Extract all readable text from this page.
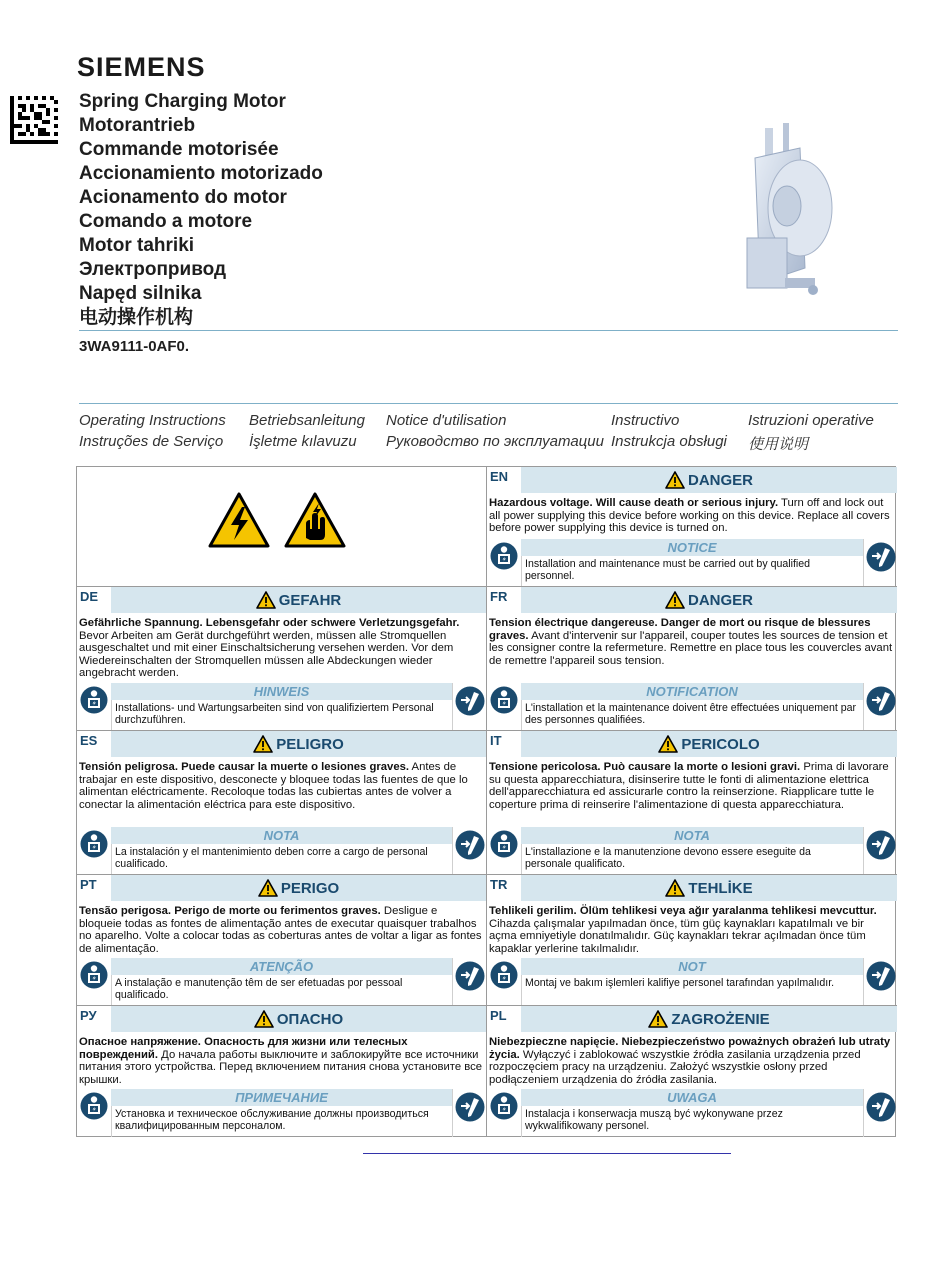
SIEMENS
Spring Charging Motor
Motorantrieb
Commande motorisée
Accionamiento motorizado
Acionamento do motor
Comando a motore
Motor tahriki
Электропривод
Napęd silnika
电动操作机构
3WA9111-0AF0.
Operating Instructions Betriebsanleitung Notice d'utilisation	Instructivo	Istruzioni operative
Instruções de Serviço İşletme kılavuzu Руководство по эксплуатации Instrukcja obsługi 使用说明
EN	DANGER
Hazardous voltage. Will cause death or serious injury. Turn off and lock out all power supplying this device before working on this device. Replace all covers before power supplying this device is turned on.
NOTICE
Installation and maintenance must be carried out by qualified personnel.
DE	GEFAHR
Gefährliche Spannung. Lebensgefahr oder schwere Verletzungsgefahr. Bevor Arbeiten am Gerät durchgeführt werden, müssen alle Stromquellen ausgeschaltet und mit einer Einschaltsicherung versehen werden. Vor dem Wiedereinschalten der Stromquellen müssen alle Abdeckungen wieder angebracht werden.
HINWEIS
Installations- und Wartungsarbeiten sind von qualifiziertem Personal durchzuführen.
FR	DANGER
Tension électrique dangereuse. Danger de mort ou risque de blessures graves. Avant d'intervenir sur l'appareil, couper toutes les sources de tension et les consigner contre la refermeture. Remettre en place tous les couvercles avant de remettre l'appareil sous tension.
NOTIFICATION
L'installation et la maintenance doivent être effectuées uniquement par des personnes qualifiées.
ES	PELIGRO
Tensión peligrosa. Puede causar la muerte o lesiones graves. Antes de trabajar en este dispositivo, desconecte y bloquee todas las fuentes de que lo alimentan eléctricamente. Recoloque todas las cubiertas antes de volver a conectar la alimentación eléctrica para este dispositivo.
NOTA
La instalación y el mantenimiento deben corre a cargo de personal cualificado.
IT	PERICOLO
Tensione pericolosa. Può causare la morte o lesioni gravi. Prima di lavorare su questa apparecchiatura, disinserire tutte le fonti di alimentazione elettrica dell'apparecchiatura ed assicurarle contro la reinserzione. Riapplicare tutte le coperture prima di reinserire l'alimentazione di questa apparecchiatura.
NOTA
L'installazione e la manutenzione devono essere eseguite da personale qualificato.
PT	PERIGO
Tensão perigosa. Perigo de morte ou ferimentos graves. Desligue e bloqueie todas as fontes de alimentação antes de executar quaisquer trabalhos no aparelho. Volte a colocar todas as coberturas antes de voltar a ligar as fontes de alimentação.
ATENÇÃO
A instalação e manutenção têm de ser efetuadas por pessoal qualificado.
TR	TEHLİKE
Tehlikeli gerilim. Ölüm tehlikesi veya ağır yaralanma tehlikesi mevcuttur. Cihazda çalışmalar yapılmadan önce, tüm güç kaynakları kapatılmalı ve bir açma emniyetiyle donatılmalıdır. Güç kaynakları tekrar açılmadan önce tüm kapaklar yerlerine takılmalıdır.
NOT
Montaj ve bakım işlemleri kalifiye personel tarafından yapılmalıdır.
РУ	ОПАСНО
Опасное напряжение. Опасность для жизни или телесных повреждений. До начала работы выключите и заблокируйте все источники питания этого устройства. Перед включением питания снова установите все крышки.
ПРИМЕЧАНИЕ
Установка и техническое обслуживание должны производиться квалифицированным персоналом.
PL	ZAGROŻENIE
Niebezpieczne napięcie. Niebezpieczeństwo poważnych obrażeń lub utraty życia. Wyłączyć i zablokować wszystkie źródła zasilania urządzenia przed rozpoczęciem pracy na urządzeniu. Założyć wszystkie osłony przed podłączeniem urządzenia do źródła zasilania.
UWAGA
Instalacja i konserwacja muszą być wykonywane przez wykwalifikowany personel.
